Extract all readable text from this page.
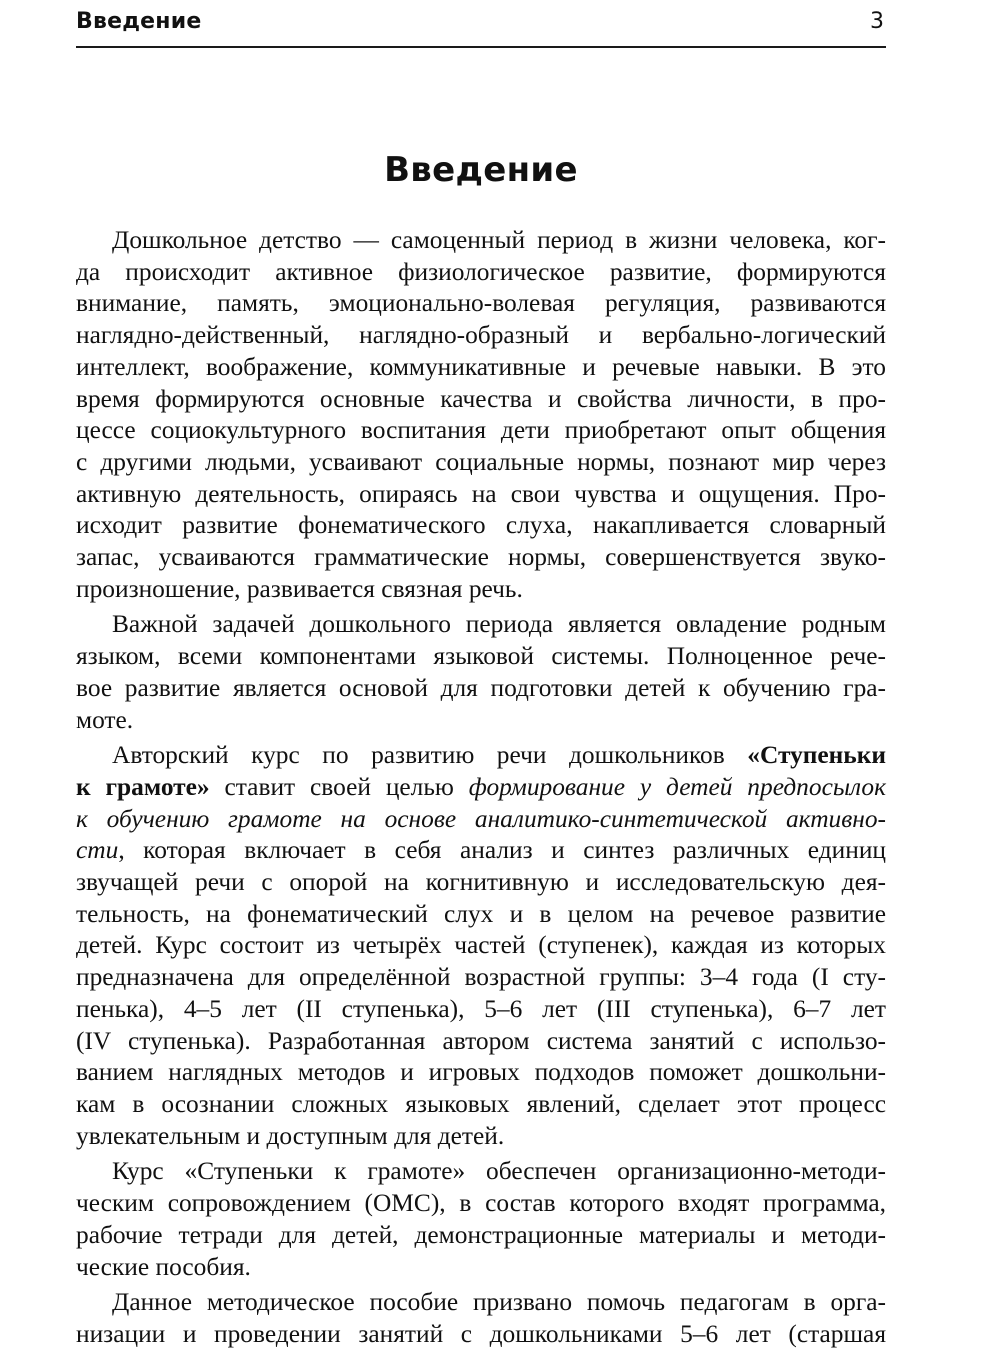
Введение	3
Введение

Дошкольное детство — самоценный период в жизни человека, ког-
да происходит активное физиологическое развитие, формируются
внимание, память, эмоционально-волевая регуляция, развиваются
наглядно-действенный, наглядно-образный и вербально-логический
интеллект, воображение, коммуникативные и речевые навыки. В это
время формируются основные качества и свойства личности, в про-
цессе социокультурного воспитания дети приобретают опыт общения
с другими людьми, усваивают социальные нормы, познают мир через
активную деятельность, опираясь на свои чувства и ощущения. Про-
исходит развитие фонематического слуха, накапливается словарный
запас, усваиваются грамматические нормы, совершенствуется звуко-
произношение, развивается связная речь.

Важной задачей дошкольного периода является овладение родным
языком, всеми компонентами языковой системы. Полноценное рече-
вое развитие является основой для подготовки детей к обучению гра-
моте.

Авторский курс по развитию речи дошкольников «Ступеньки
к грамоте» ставит своей целью формирование у детей предпосылок
к обучению грамоте на основе аналитико-синтетической активно-
сти, которая включает в себя анализ и синтез различных единиц
звучащей речи с опорой на когнитивную и исследовательскую дея-
тельность, на фонематический слух и в целом на речевое развитие
детей. Курс состоит из четырёх частей (ступенек), каждая из которых
предназначена для определённой возрастной группы: 3–4 года (I сту-
пенька), 4–5 лет (II ступенька), 5–6 лет (III ступенька), 6–7 лет
(IV ступенька). Разработанная автором система занятий с использо-
ванием наглядных методов и игровых подходов поможет дошкольни-
кам в осознании сложных языковых явлений, сделает этот процесс
увлекательным и доступным для детей.

Курс «Ступеньки к грамоте» обеспечен организационно-методи-
ческим сопровождением (ОМС), в состав которого входят программа,
рабочие тетради для детей, демонстрационные материалы и методи-
ческие пособия.

Данное методическое пособие призвано помочь педагогам в орга-
низации и проведении занятий с дошкольниками 5–6 лет (старшая
